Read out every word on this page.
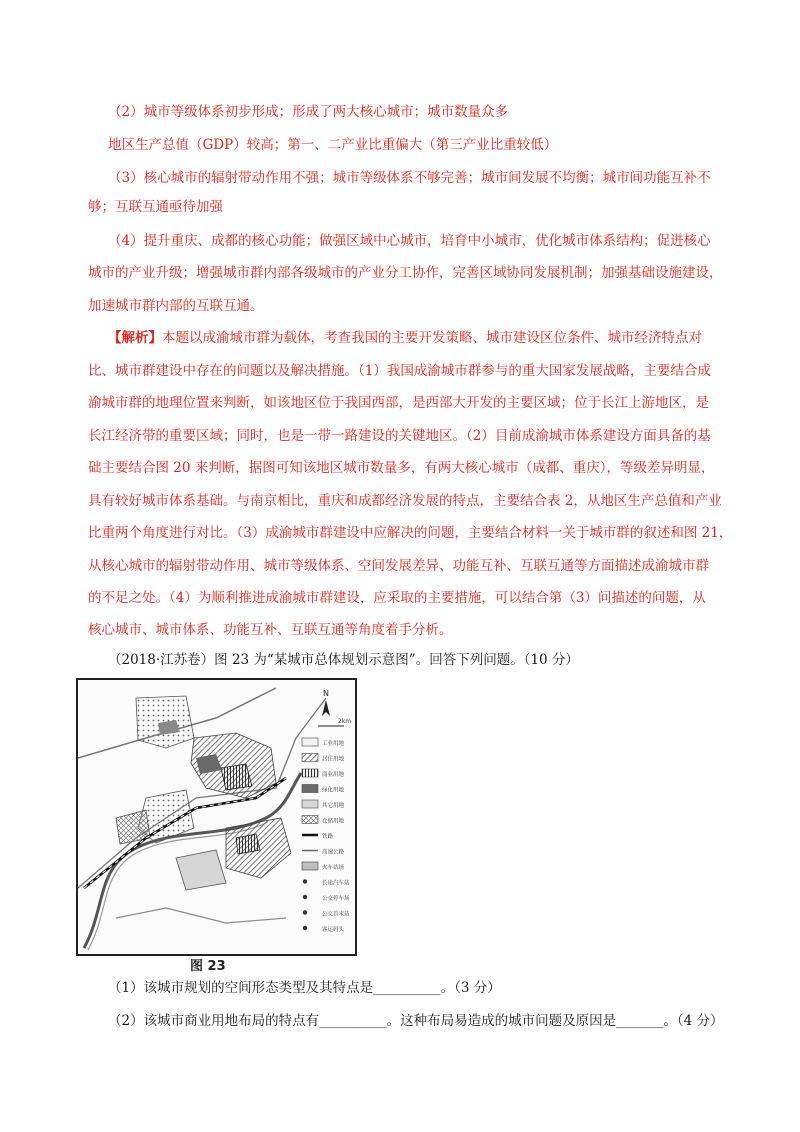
（2）城市等级体系初步形成；形成了两大核心城市；城市数量众多
地区生产总值（GDP）较高；第一、二产业比重偏大（第三产业比重较低）
（3）核心城市的辐射带动作用不强；城市等级体系不够完善；城市间发展不均衡；城市间功能互补不
够；互联互通亟待加强
（4）提升重庆、成都的核心功能；做强区域中心城市，培育中小城市，优化城市体系结构；促进核心
城市的产业升级；增强城市群内部各级城市的产业分工协作，完善区域协同发展机制；加强基础设施建设，
加速城市群内部的互联互通。
【解析】本题以成渝城市群为载体，考查我国的主要开发策略、城市建设区位条件、城市经济特点对
比、城市群建设中存在的问题以及解决措施。（1）我国成渝城市群参与的重大国家发展战略，主要结合成
渝城市群的地理位置来判断，如该地区位于我国西部，是西部大开发的主要区域；位于长江上游地区，是
长江经济带的重要区域；同时，也是一带一路建设的关键地区。（2）目前成渝城市体系建设方面具备的基
础主要结合图 20 来判断，据图可知该地区城市数量多，有两大核心城市（成都、重庆），等级差异明显，
具有较好城市体系基础。与南京相比，重庆和成都经济发展的特点，主要结合表 2，从地区生产总值和产业
比重两个角度进行对比。（3）成渝城市群建设中应解决的问题，主要结合材料一关于城市群的叙述和图 21，
从核心城市的辐射带动作用、城市等级体系、空间发展差异、功能互补、互联互通等方面描述成渝城市群
的不足之处。（4）为顺利推进成渝城市群建设，应采取的主要措施，可以结合第（3）问描述的问题，从
核心城市、城市体系、功能互补、互联互通等角度着手分析。
（2018·江苏卷）图 23 为“某城市总体规划示意图”。回答下列问题。（10 分）
N
2km
工业用地
居住用地
商业用地
绿化用地
其它用地
仓储用地
铁路
高速公路
火车站场
长途汽车站
公交停车场
公交首末站
客运码头
图 23
（1）该城市规划的空间形态类型及其特点是__________。（3 分）
（2）该城市商业用地布局的特点有__________。这种布局易造成的城市问题及原因是_______。（4 分）
